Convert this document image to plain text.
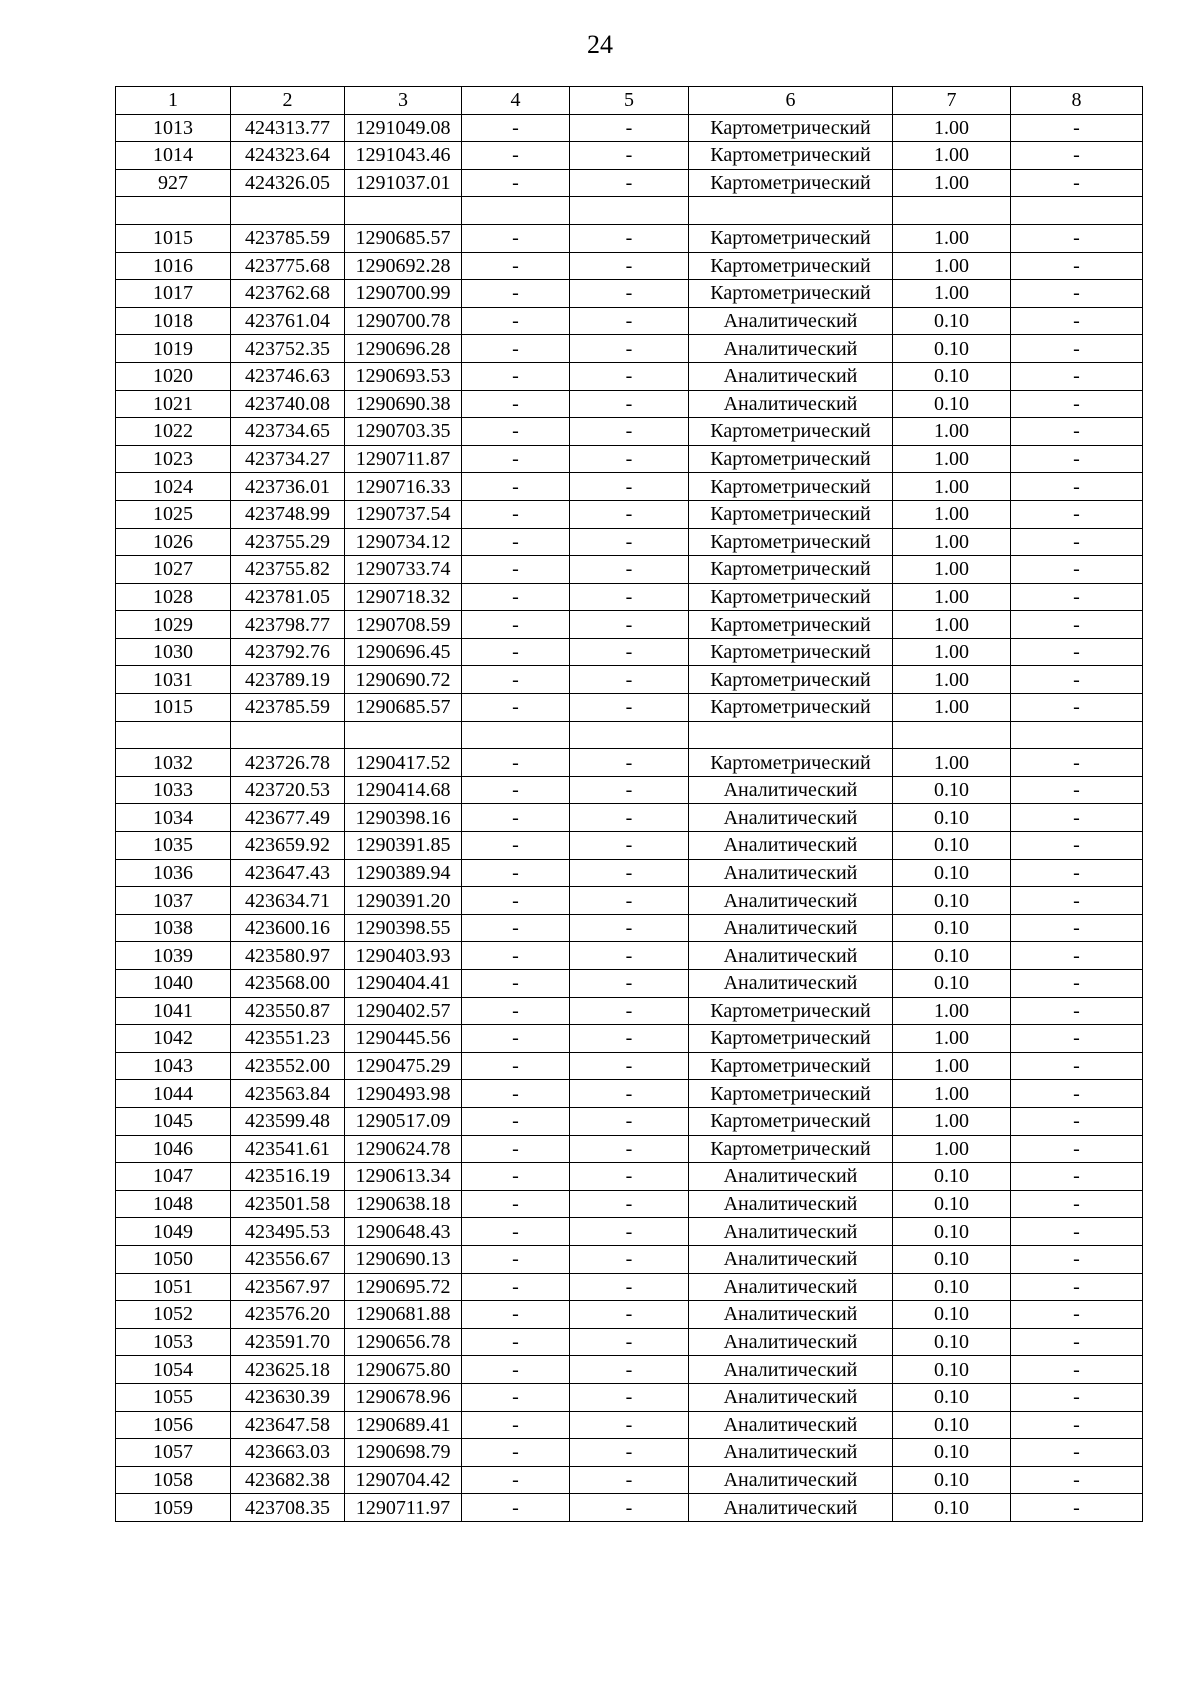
24
1	2	3	4	5	6	7	8
1013	424313.77	1291049.08	-	-	Картометрический	1.00	-
1014	424323.64	1291043.46	-	-	Картометрический	1.00	-
927	424326.05	1291037.01	-	-	Картометрический	1.00	-

1015	423785.59	1290685.57	-	-	Картометрический	1.00	-
1016	423775.68	1290692.28	-	-	Картометрический	1.00	-
1017	423762.68	1290700.99	-	-	Картометрический	1.00	-
1018	423761.04	1290700.78	-	-	Аналитический	0.10	-
1019	423752.35	1290696.28	-	-	Аналитический	0.10	-
1020	423746.63	1290693.53	-	-	Аналитический	0.10	-
1021	423740.08	1290690.38	-	-	Аналитический	0.10	-
1022	423734.65	1290703.35	-	-	Картометрический	1.00	-
1023	423734.27	1290711.87	-	-	Картометрический	1.00	-
1024	423736.01	1290716.33	-	-	Картометрический	1.00	-
1025	423748.99	1290737.54	-	-	Картометрический	1.00	-
1026	423755.29	1290734.12	-	-	Картометрический	1.00	-
1027	423755.82	1290733.74	-	-	Картометрический	1.00	-
1028	423781.05	1290718.32	-	-	Картометрический	1.00	-
1029	423798.77	1290708.59	-	-	Картометрический	1.00	-
1030	423792.76	1290696.45	-	-	Картометрический	1.00	-
1031	423789.19	1290690.72	-	-	Картометрический	1.00	-
1015	423785.59	1290685.57	-	-	Картометрический	1.00	-

1032	423726.78	1290417.52	-	-	Картометрический	1.00	-
1033	423720.53	1290414.68	-	-	Аналитический	0.10	-
1034	423677.49	1290398.16	-	-	Аналитический	0.10	-
1035	423659.92	1290391.85	-	-	Аналитический	0.10	-
1036	423647.43	1290389.94	-	-	Аналитический	0.10	-
1037	423634.71	1290391.20	-	-	Аналитический	0.10	-
1038	423600.16	1290398.55	-	-	Аналитический	0.10	-
1039	423580.97	1290403.93	-	-	Аналитический	0.10	-
1040	423568.00	1290404.41	-	-	Аналитический	0.10	-
1041	423550.87	1290402.57	-	-	Картометрический	1.00	-
1042	423551.23	1290445.56	-	-	Картометрический	1.00	-
1043	423552.00	1290475.29	-	-	Картометрический	1.00	-
1044	423563.84	1290493.98	-	-	Картометрический	1.00	-
1045	423599.48	1290517.09	-	-	Картометрический	1.00	-
1046	423541.61	1290624.78	-	-	Картометрический	1.00	-
1047	423516.19	1290613.34	-	-	Аналитический	0.10	-
1048	423501.58	1290638.18	-	-	Аналитический	0.10	-
1049	423495.53	1290648.43	-	-	Аналитический	0.10	-
1050	423556.67	1290690.13	-	-	Аналитический	0.10	-
1051	423567.97	1290695.72	-	-	Аналитический	0.10	-
1052	423576.20	1290681.88	-	-	Аналитический	0.10	-
1053	423591.70	1290656.78	-	-	Аналитический	0.10	-
1054	423625.18	1290675.80	-	-	Аналитический	0.10	-
1055	423630.39	1290678.96	-	-	Аналитический	0.10	-
1056	423647.58	1290689.41	-	-	Аналитический	0.10	-
1057	423663.03	1290698.79	-	-	Аналитический	0.10	-
1058	423682.38	1290704.42	-	-	Аналитический	0.10	-
1059	423708.35	1290711.97	-	-	Аналитический	0.10	-
